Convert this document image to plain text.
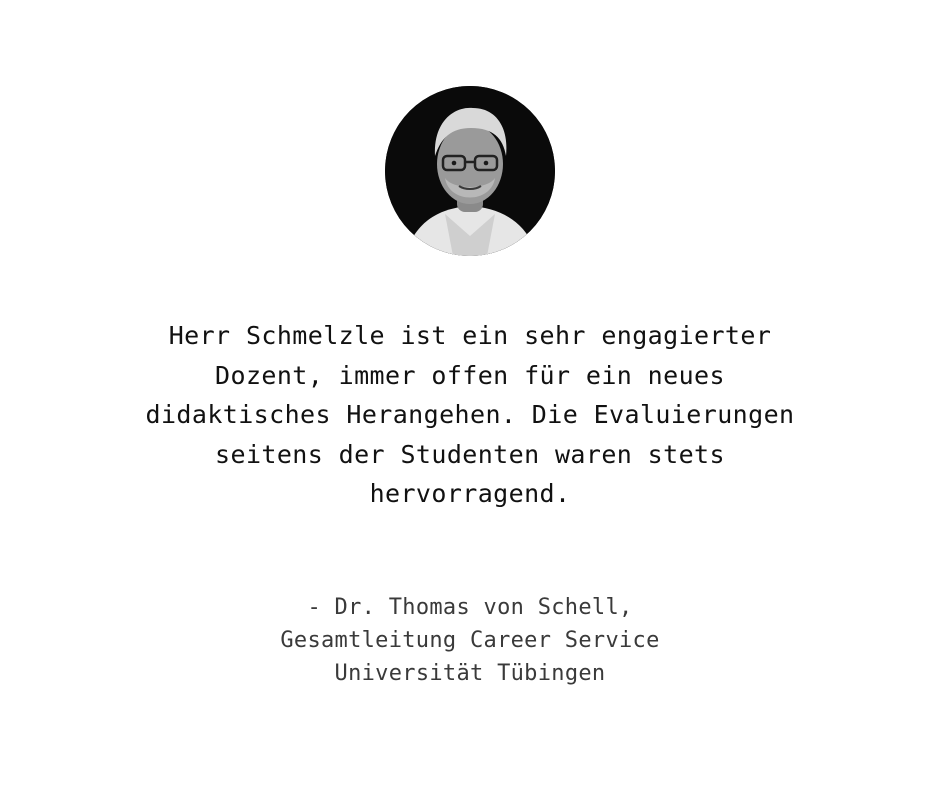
Herr Schmelzle ist ein sehr engagierter
Dozent, immer offen für ein neues
didaktisches Herangehen. Die Evaluierungen
seitens der Studenten waren stets
hervorragend.

- Dr. Thomas von Schell,
Gesamtleitung Career Service
Universität Tübingen
